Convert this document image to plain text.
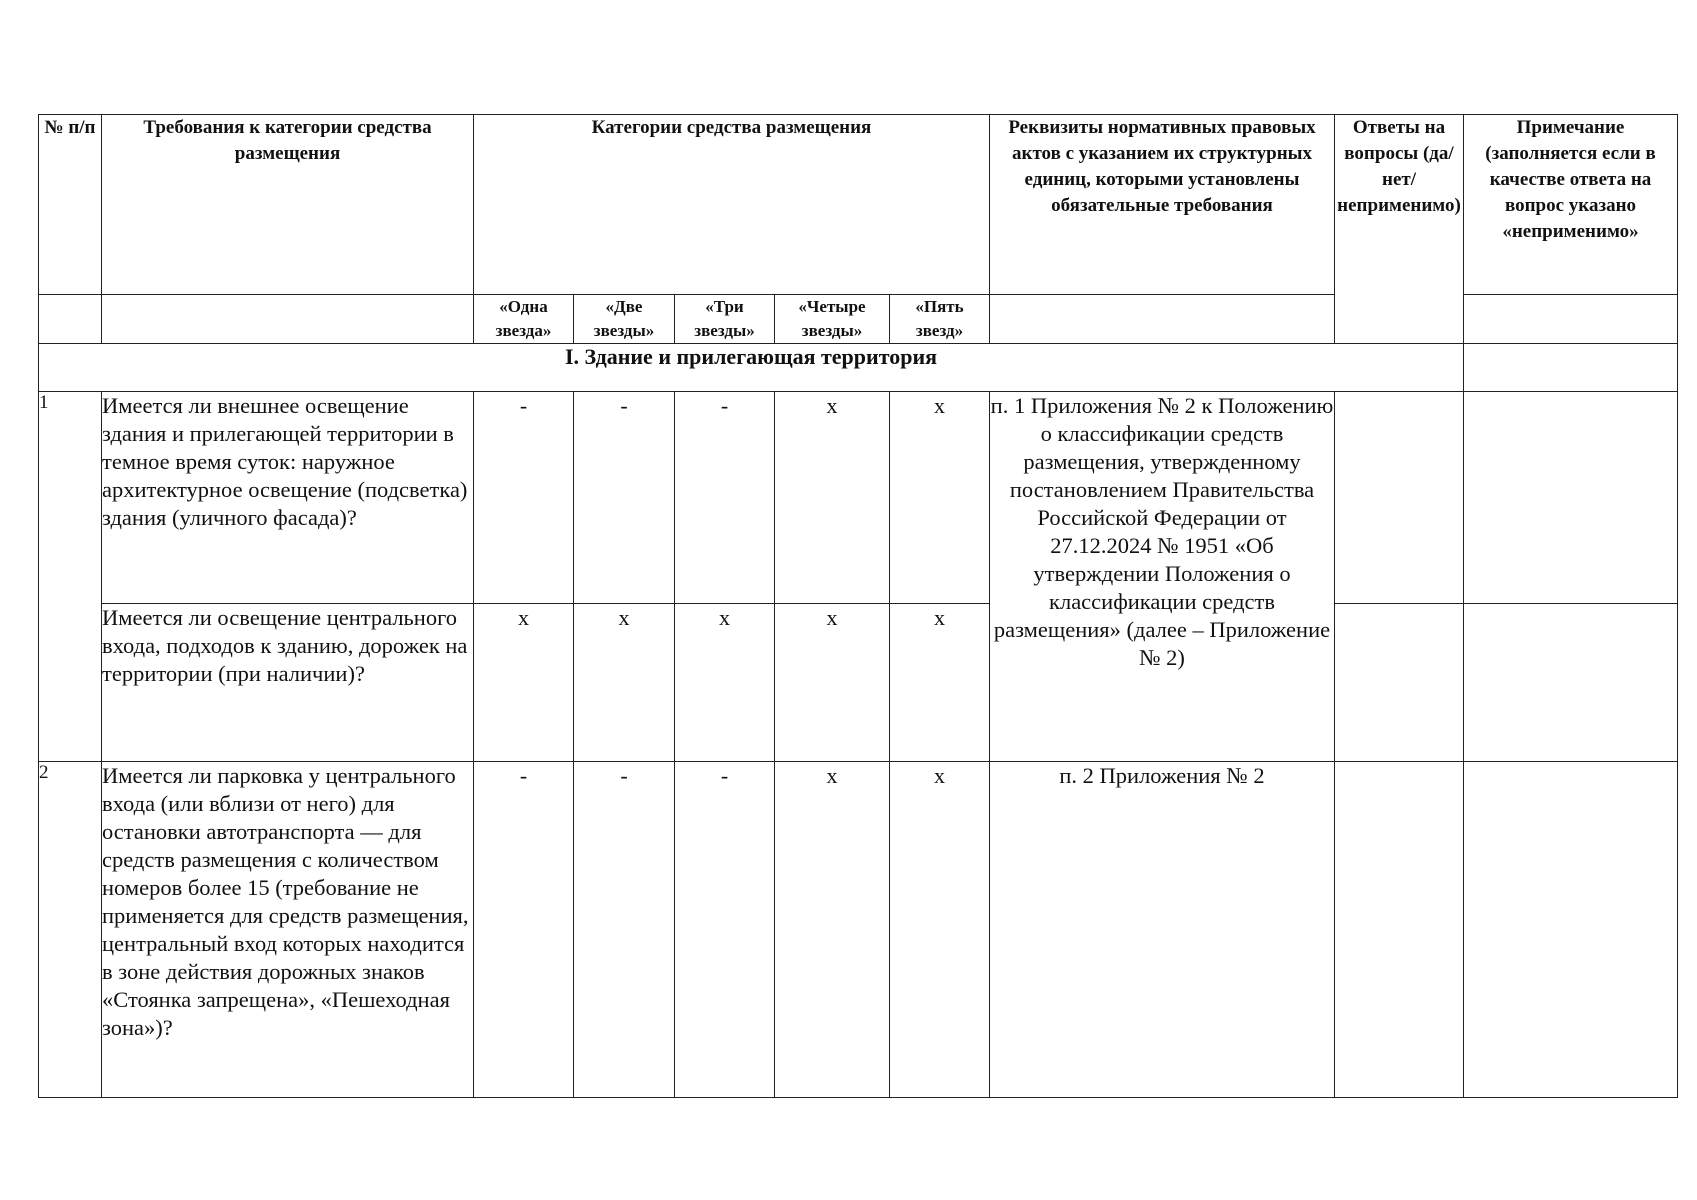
№ п/п	Требования к категории средства размещения	Категории средства размещения					Реквизиты нормативных правовых актов с указанием их структурных единиц, которыми установлены обязательные требования	Ответы на вопросы (да/нет/ неприменимо)	Примечание (заполняется если в качестве ответа на вопрос указано «неприменимо»
		«Одна звезда»	«Две звезды»	«Три звезды»	«Четыре звезды»	«Пять звезд»			
I. Здание и прилегающая территория									
1	Имеется ли внешнее освещение здания и прилегающей территории в темное время суток: наружное архитектурное освещение (подсветка) здания (уличного фасада)?	-	-	-	x	x	п. 1 Приложения № 2 к Положению о классификации средств размещения, утвержденному постановлением Правительства Российской Федерации от 27.12.2024 № 1951 «Об утверждении Положения о классификации средств размещения» (далее – Приложение № 2)		
	Имеется ли освещение центрального входа, подходов к зданию, дорожек на территории (при наличии)?	x	x	x	x	x			
2	Имеется ли парковка у центрального входа (или вблизи от него) для остановки автотранспорта — для средств размещения с количеством номеров более 15 (требование не применяется для средств размещения, центральный вход которых находится в зоне действия дорожных знаков «Стоянка запрещена», «Пешеходная зона»)?	-	-	-	x	x	п. 2 Приложения № 2		
